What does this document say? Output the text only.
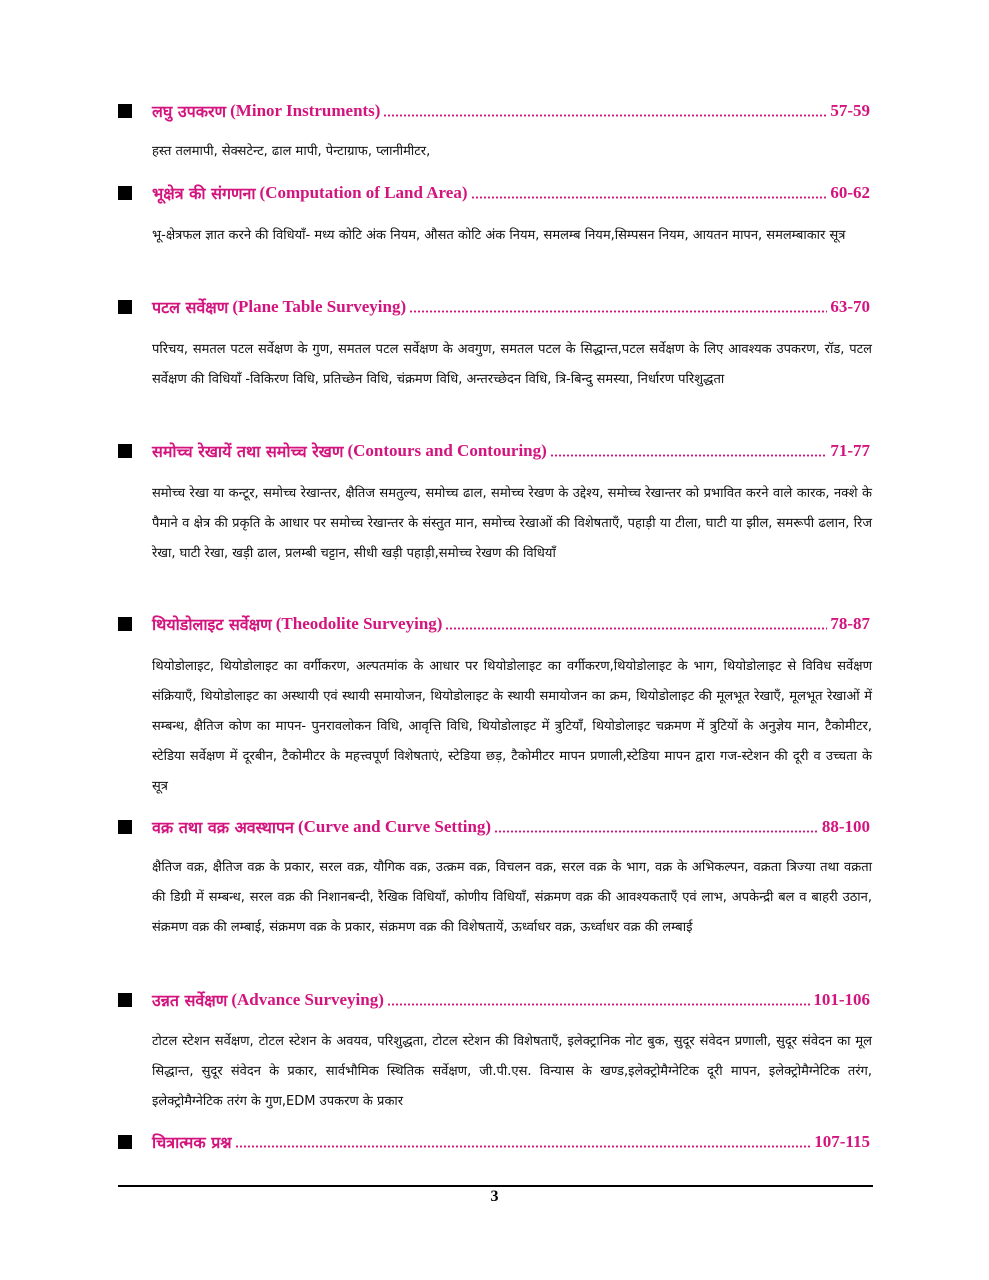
लघु उपकरण (Minor Instruments)	57-59

हस्त तलमापी, सेक्सटेन्ट, ढाल मापी, पेन्टाग्राफ, प्लानीमीटर,

भूक्षेत्र की संगणना (Computation of Land Area)	60-62

भू-क्षेत्रफल ज्ञात करने की विधियाँ- मध्य कोटि अंक नियम, औसत कोटि अंक नियम, समलम्ब नियम,सिम्पसन नियम, आयतन मापन, समलम्बाकार सूत्र

पटल सर्वेक्षण (Plane Table Surveying)	63-70

परिचय, समतल पटल सर्वेक्षण के गुण, समतल पटल सर्वेक्षण के अवगुण, समतल पटल के सिद्धान्त,पटल सर्वेक्षण के लिए आवश्यक उपकरण, रॉड, पटल सर्वेक्षण की विधियाँ -विकिरण विधि, प्रतिच्छेन विधि, चंक्रमण विधि, अन्तरच्छेदन विधि, त्रि-बिन्दु समस्या, निर्धारण परिशुद्धता

समोच्च रेखायें तथा समोच्च रेखण (Contours and Contouring)	71-77

समोच्च रेखा या कन्टूर, समोच्च रेखान्तर, क्षैतिज समतुल्य, समोच्च ढाल, समोच्च रेखण के उद्देश्य, समोच्च रेखान्तर को प्रभावित करने वाले कारक, नक्शे के पैमाने व क्षेत्र की प्रकृति के आधार पर समोच्च रेखान्तर के संस्तुत मान, समोच्च रेखाओं की विशेषताएँ, पहाड़ी या टीला, घाटी या झील, समरूपी ढलान, रिज रेखा, घाटी रेखा, खड़ी ढाल, प्रलम्बी चट्टान, सीधी खड़ी पहाड़ी,समोच्च रेखण की विधियाँ

थियोडोलाइट सर्वेक्षण (Theodolite Surveying)	78-87

थियोडोलाइट, थियोडोलाइट का वर्गीकरण, अल्पतमांक के आधार पर थियोडोलाइट का वर्गीकरण,थियोडोलाइट के भाग, थियोडोलाइट से विविध सर्वेक्षण संक्रियाएँ, थियोडोलाइट का अस्थायी एवं स्थायी समायोजन, थियोडोलाइट के स्थायी समायोजन का क्रम, थियोडोलाइट की मूलभूत रेखाएँ, मूलभूत रेखाओं में सम्बन्ध, क्षैतिज कोण का मापन- पुनरावलोकन विधि, आवृत्ति विधि, थियोडोलाइट में त्रुटियाँ, थियोडोलाइट चक्रमण में त्रुटियों के अनुज्ञेय मान, टैकोमीटर, स्टेडिया सर्वेक्षण में दूरबीन, टैकोमीटर के महत्त्वपूर्ण विशेषताएं, स्टेडिया छड़, टैकोमीटर मापन प्रणाली,स्टेडिया मापन द्वारा गज-स्टेशन की दूरी व उच्चता के सूत्र

वक्र तथा वक्र अवस्थापन (Curve and Curve Setting)	88-100

क्षैतिज वक्र, क्षैतिज वक्र के प्रकार, सरल वक्र, यौगिक वक्र, उत्क्रम वक्र, विचलन वक्र, सरल वक्र के भाग, वक्र के अभिकल्पन, वक्रता त्रिज्या तथा वक्रता की डिग्री में सम्बन्ध, सरल वक्र की निशानबन्दी, रैखिक विधियाँ, कोणीय विधियाँ, संक्रमण वक्र की आवश्यकताएँ एवं लाभ, अपकेन्द्री बल व बाहरी उठान, संक्रमण वक्र की लम्बाई, संक्रमण वक्र के प्रकार, संक्रमण वक्र की विशेषतायें, ऊर्ध्वाधर वक्र, ऊर्ध्वाधर वक्र की लम्बाई

उन्नत सर्वेक्षण (Advance Surveying)	101-106

टोटल स्टेशन सर्वेक्षण, टोटल स्टेशन के अवयव, परिशुद्धता, टोटल स्टेशन की विशेषताएँ, इलेक्ट्रानिक नोट बुक, सुदूर संवेदन प्रणाली, सुदूर संवेदन का मूल सिद्धान्त, सुदूर संवेदन के प्रकार, सार्वभौमिक स्थितिक सर्वेक्षण, जी.पी.एस. विन्यास के खण्ड,इलेक्ट्रोमैग्नेटिक दूरी मापन, इलेक्ट्रोमैग्नेटिक तरंग, इलेक्ट्रोमैग्नेटिक तरंग के गुण,EDM उपकरण के प्रकार

चित्रात्मक प्रश्न	107-115
3
